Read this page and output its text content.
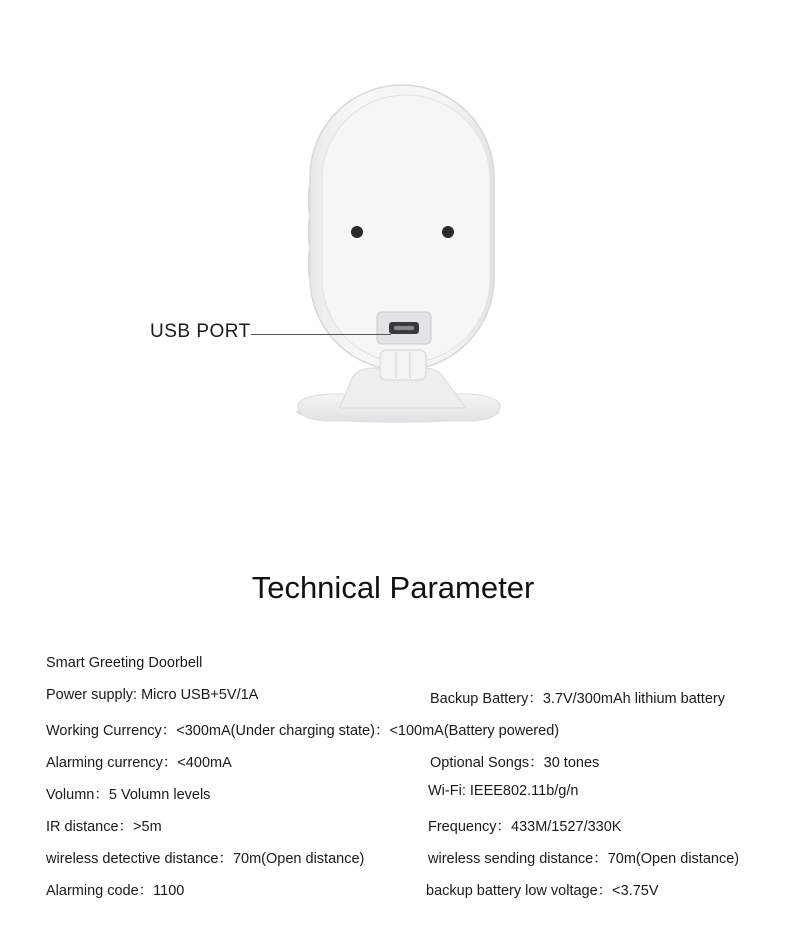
USB PORT
Technical Parameter
Smart Greeting Doorbell
Power supply: Micro USB+5V/1A	Backup Battery：3.7V/300mAh lithium battery
Working Currency：<300mA(Under charging state)：<100mA(Battery powered)
Alarming currency：<400mA	Optional Songs：30 tones
Volumn：5 Volumn levels	Wi-Fi: IEEE802.11b/g/n
IR distance：>5m	Frequency：433M/1527/330K
wireless detective distance：70m(Open distance)	wireless sending distance：70m(Open distance)
Alarming code：1100	backup battery low voltage：<3.75V
